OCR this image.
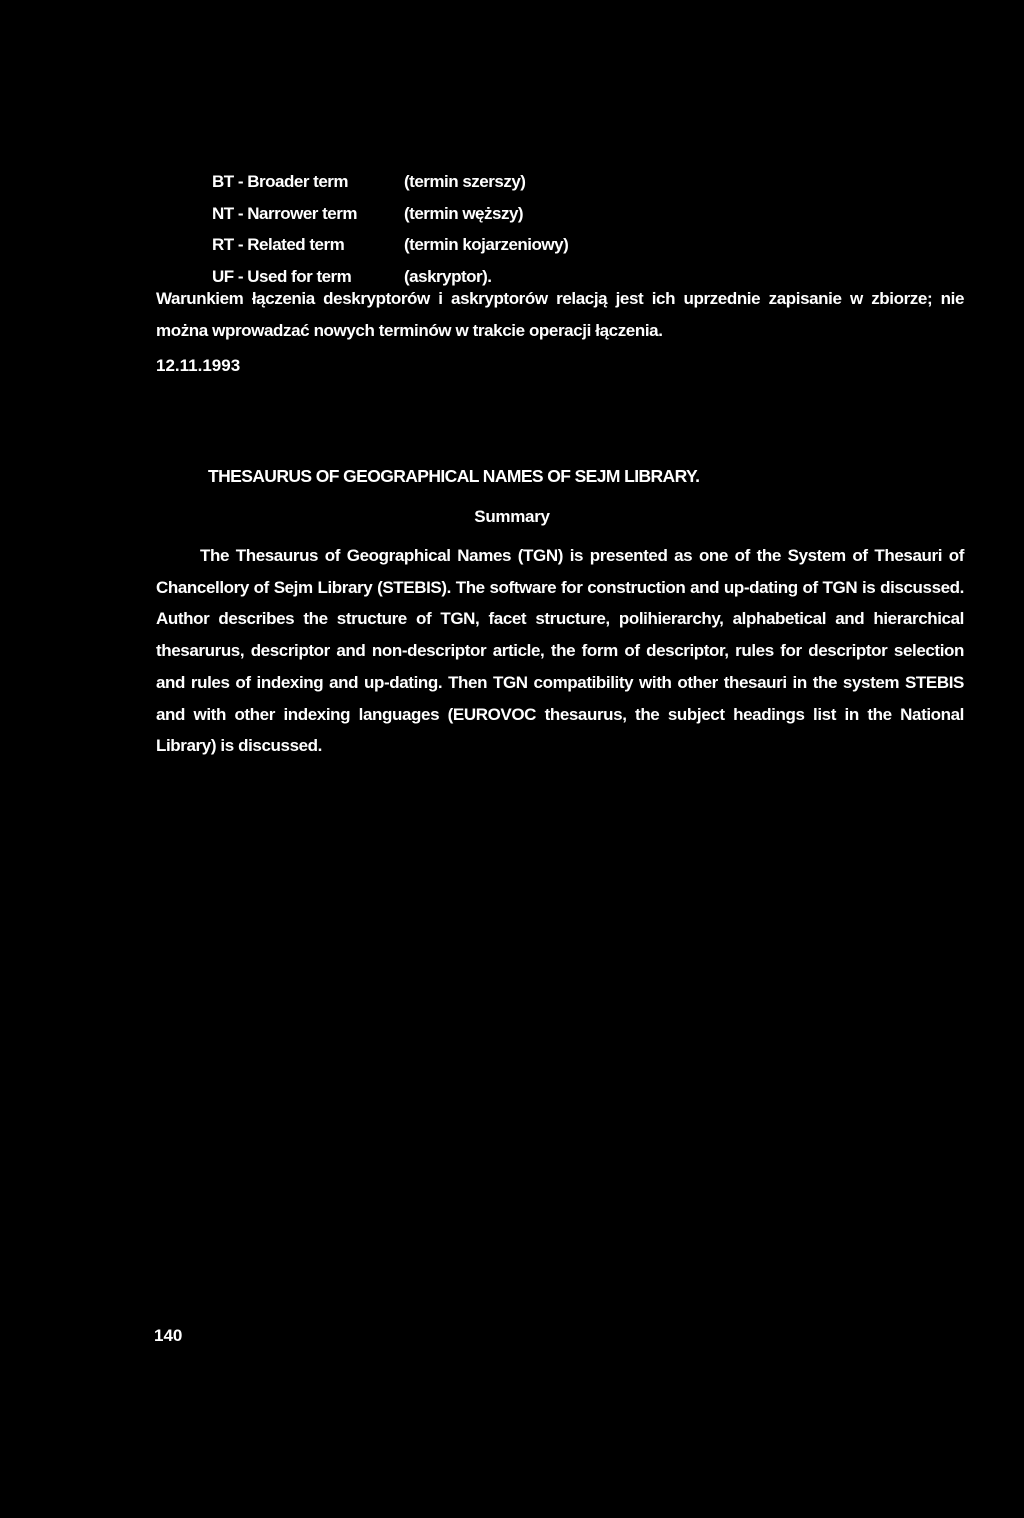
BT - Broader term	(termin szerszy)
NT - Narrower term	(termin węższy)
RT - Related term	(termin kojarzeniowy)
UF - Used for term	(askryptor).

Warunkiem łączenia deskryptorów i askryptorów relacją jest ich uprzednie zapisanie w zbiorze; nie można wprowadzać nowych terminów w trakcie operacji łączenia.

12.11.1993

THESAURUS OF GEOGRAPHICAL NAMES OF SEJM LIBRARY.
Summary

The Thesaurus of Geographical Names (TGN) is presented as one of the System of Thesauri of Chancellory of Sejm Library (STEBIS). The software for construction and up-dating of TGN is discussed. Author describes the structure of TGN, facet structure, polihierarchy, alphabetical and hierarchical thesarurus, descriptor and non-descriptor article, the form of descriptor, rules for descriptor selection and rules of indexing and up-dating. Then TGN compatibility with other thesauri in the system STEBIS and with other indexing languages (EUROVOC thesaurus, the subject headings list in the National Library) is discussed.

140
